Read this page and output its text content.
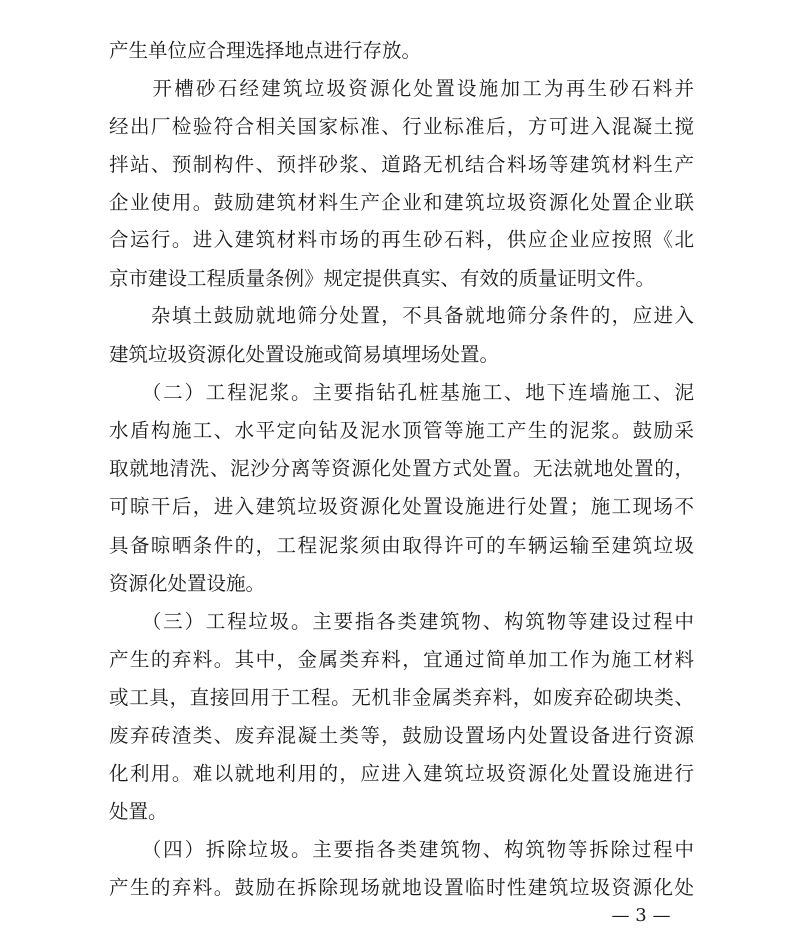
产生单位应合理选择地点进行存放。
　　开槽砂石经建筑垃圾资源化处置设施加工为再生砂石料并
经出厂检验符合相关国家标准、行业标准后，方可进入混凝土搅
拌站、预制构件、预拌砂浆、道路无机结合料场等建筑材料生产
企业使用。鼓励建筑材料生产企业和建筑垃圾资源化处置企业联
合运行。进入建筑材料市场的再生砂石料，供应企业应按照《北
京市建设工程质量条例》规定提供真实、有效的质量证明文件。
　　杂填土鼓励就地筛分处置，不具备就地筛分条件的，应进入
建筑垃圾资源化处置设施或简易填埋场处置。
　　（二）工程泥浆。主要指钻孔桩基施工、地下连墙施工、泥
水盾构施工、水平定向钻及泥水顶管等施工产生的泥浆。鼓励采
取就地清洗、泥沙分离等资源化处置方式处置。无法就地处置的，
可晾干后，进入建筑垃圾资源化处置设施进行处置；施工现场不
具备晾晒条件的，工程泥浆须由取得许可的车辆运输至建筑垃圾
资源化处置设施。
　　（三）工程垃圾。主要指各类建筑物、构筑物等建设过程中
产生的弃料。其中，金属类弃料，宜通过简单加工作为施工材料
或工具，直接回用于工程。无机非金属类弃料，如废弃砼砌块类、
废弃砖渣类、废弃混凝土类等，鼓励设置场内处置设备进行资源
化利用。难以就地利用的，应进入建筑垃圾资源化处置设施进行
处置。
　　（四）拆除垃圾。主要指各类建筑物、构筑物等拆除过程中
产生的弃料。鼓励在拆除现场就地设置临时性建筑垃圾资源化处
— 3 —
